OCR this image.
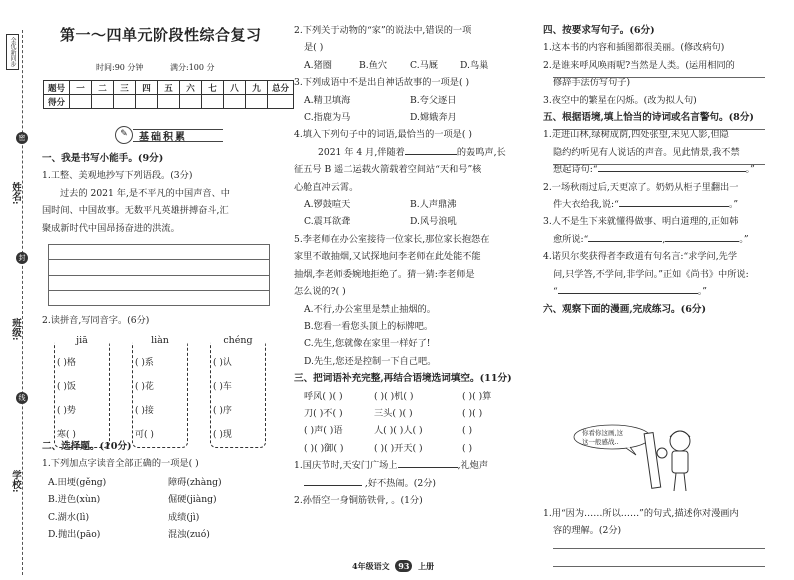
全优新同步
姓名:
班级:
学校:
密
封
线
第一～四单元阶段性综合复习
时间:90 分钟	满分:100 分
题号	一	二	三	四	五	六	七	八	九	总分
得分										
✎	基础积累
一、我是书写小能手。(9分)
1.工整、美观地抄写下列语段。(3分)
过去的 2021 年,是不平凡的中国声音、中
国时间、中国故事。无数平凡英雄拼搏奋斗,汇
聚成新时代中国昂扬奋进的洪流。
2.读拼音,写同音字。(6分)
jiā
( )格
( )饭
( )势
寒( )
liàn
( )系
( )花
( )接
可( )
chéng
( )认
( )车
( )序
( )现
二、选择题。(10分)
1.下列加点字读音全部正确的一项是( )
A.田埂(gěng)	障碍(zhàng)
B.迸色(xùn)	倔硬(jiàng)
C.湖水(lì)	成绩(jì)
D.抛出(pāo)	混浊(zuó)
2.下列关于动物的“家”的说法中,错误的一项
是( )
A.猪圈	B.鱼穴 C.马厩 D.鸟巢
3.下列成语中不是出自神话故事的一项是( )
A.精卫填海	B.夸父逐日
C.指鹿为马	D.嫦娥奔月
4.填入下列句子中的词语,最恰当的一项是( )
2021 年 4 月,伴随着	的轰鸣声,长
征五号 B 遥二运载火箭载着空间站“天和号”核
心舱直冲云霄。
A.锣鼓喧天	B.人声鼎沸
C.震耳欲聋	D.风号浪吼
5.李老师在办公室接待一位家长,那位家长抱怨在
家里不敢抽烟,又试探地问李老师在此处能不能
抽烟,李老师委婉地拒绝了。猜一猜:李老师是
怎么说的?( )
A.不行,办公室里是禁止抽烟的。
B.您看一看您头顶上的标牌吧。
C.先生,您就像在家里一样好了!
D.先生,您还是控制一下自己吧。
三、把词语补充完整,再结合语境选词填空。(11分)
呼风( )( )	( )( )机( )	( )( )算
刀( )不( )	三头( )( )	( )( )
( )声( )语	人( )( )人( )	( )
( )( )御( )	( )( )开天( )	( )
1.国庆节时,天安门广场上	,礼炮声
,好不热闹。(2分)
2.孙悟空一身铜筋铁骨, 。(1分)
四、按要求写句子。(6分)
1.这本书的内容和插图都很美丽。(修改病句)
2.是谁来呼风唤雨呢?当然是人类。(运用相同的
修辞手法仿写句子)
3.夜空中的繁星在闪烁。(改为拟人句)
五、根据语境,填上恰当的诗词或名言警句。(8分)
1.走进山林,绿树成荫,四处张望,未见人影,但隐
隐约约听见有人说话的声音。见此情景,我不禁
想起诗句:“	。”
2.一场秋雨过后,天更凉了。奶奶从柜子里翻出一
件大衣给我,说:“	。”
3.人不是生下来就懂得做事、明白道理的,正如韩
愈所说:“	,	。”
4.诺贝尔奖获得者李政道有句名言:“求学问,先学
问,只学答,不学问,非学问。”正如《尚书》中所说:
“	。”
六、观察下面的漫画,完成练习。(6分)
你看你这画,这
这一般感战..
1.用“因为……所以……”的句式,描述你对漫画内
容的理解。(2分)
4年级语文 93 上册
